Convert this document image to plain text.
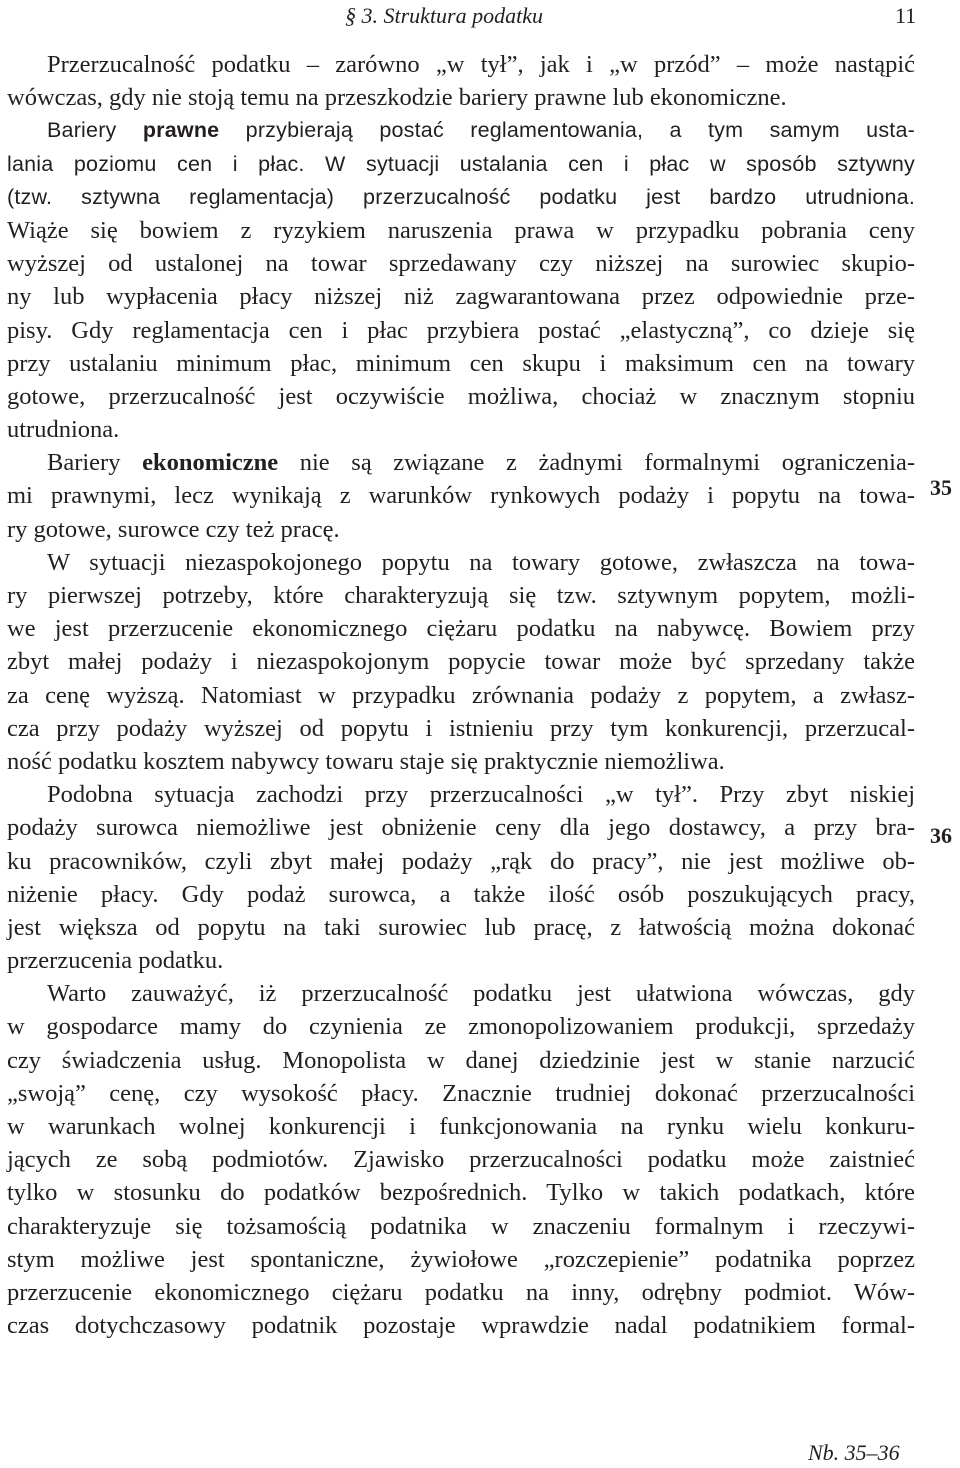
§ 3. Struktura podatku	11
Przerzucalność podatku – zarówno „w tył”, jak i „w przód” – może nastąpić
wówczas, gdy nie stoją temu na przeszkodzie bariery prawne lub ekonomiczne.
Bariery prawne przybierają postać reglamentowania, a tym samym usta-
lania poziomu cen i płac. W sytuacji ustalania cen i płac w sposób sztywny
(tzw. sztywna reglamentacja) przerzucalność podatku jest bardzo utrudniona.
Wiąże się bowiem z ryzykiem naruszenia prawa w przypadku pobrania ceny
wyższej od ustalonej na towar sprzedawany czy niższej na surowiec skupio-
ny lub wypłacenia płacy niższej niż zagwarantowana przez odpowiednie prze-
pisy. Gdy reglamentacja cen i płac przybiera postać „elastyczną”, co dzieje się
przy ustalaniu minimum płac, minimum cen skupu i maksimum cen na towary
gotowe, przerzucalność jest oczywiście możliwa, chociaż w znacznym stopniu
utrudniona.
Bariery ekonomiczne nie są związane z żadnymi formalnymi ograniczenia-
mi prawnymi, lecz wynikają z warunków rynkowych podaży i popytu na towa-
ry gotowe, surowce czy też pracę.
W sytuacji niezaspokojonego popytu na towary gotowe, zwłaszcza na towa-
ry pierwszej potrzeby, które charakteryzują się tzw. sztywnym popytem, możli-
we jest przerzucenie ekonomicznego ciężaru podatku na nabywcę. Bowiem przy
zbyt małej podaży i niezaspokojonym popycie towar może być sprzedany także
za cenę wyższą. Natomiast w przypadku zrównania podaży z popytem, a zwłasz-
cza przy podaży wyższej od popytu i istnieniu przy tym konkurencji, przerzucal-
ność podatku kosztem nabywcy towaru staje się praktycznie niemożliwa.
Podobna sytuacja zachodzi przy przerzucalności „w tył”. Przy zbyt niskiej
podaży surowca niemożliwe jest obniżenie ceny dla jego dostawcy, a przy bra-
ku pracowników, czyli zbyt małej podaży „rąk do pracy”, nie jest możliwe ob-
niżenie płacy. Gdy podaż surowca, a także ilość osób poszukujących pracy,
jest większa od popytu na taki surowiec lub pracę, z łatwością można dokonać
przerzucenia podatku.
Warto zauważyć, iż przerzucalność podatku jest ułatwiona wówczas, gdy
w gospodarce mamy do czynienia ze zmonopolizowaniem produkcji, sprzedaży
czy świadczenia usług. Monopolista w danej dziedzinie jest w stanie narzucić
„swoją” cenę, czy wysokość płacy. Znacznie trudniej dokonać przerzucalności
w warunkach wolnej konkurencji i funkcjonowania na rynku wielu konkuru-
jących ze sobą podmiotów. Zjawisko przerzucalności podatku może zaistnieć
tylko w stosunku do podatków bezpośrednich. Tylko w takich podatkach, które
charakteryzuje się tożsamością podatnika w znaczeniu formalnym i rzeczywi-
stym możliwe jest spontaniczne, żywiołowe „rozczepienie” podatnika poprzez
przerzucenie ekonomicznego ciężaru podatku na inny, odrębny podmiot. Wów-
czas dotychczasowy podatnik pozostaje wprawdzie nadal podatnikiem formal-
35
36
Nb. 35–36
